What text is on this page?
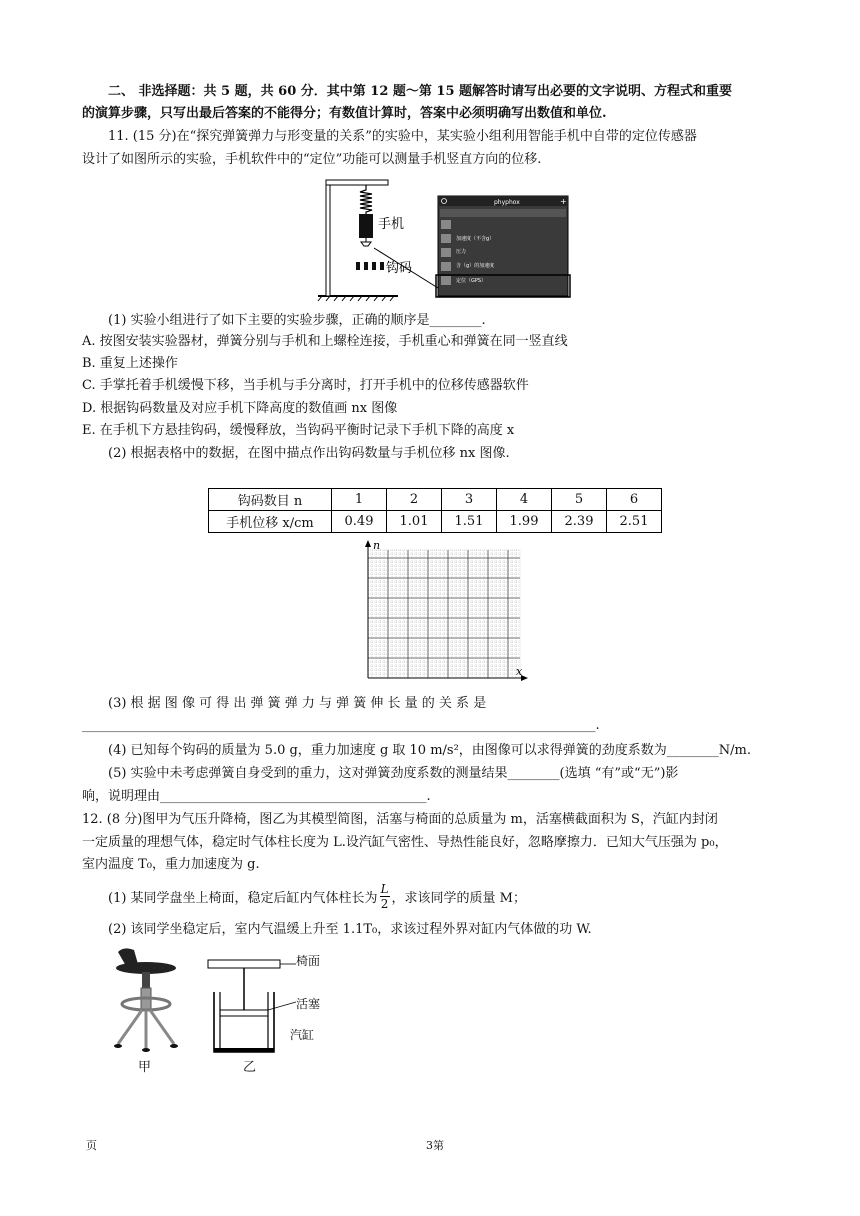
二、 非选择题：共 5 题，共 60 分．其中第 12 题～第 15 题解答时请写出必要的文字说明、方程式和重要
的演算步骤，只写出最后答案的不能得分；有数值计算时，答案中必须明确写出数值和单位.
11. (15 分)在“探究弹簧弹力与形变量的关系”的实验中，某实验小组利用智能手机中自带的定位传感器
设计了如图所示的实验，手机软件中的“定位”功能可以测量手机竖直方向的位移.
手机
钩码
phyphox	+
加速度（不含g）
压力
含（g）的加速度
定位（GPS）
(1) 实验小组进行了如下主要的实验步骤，正确的顺序是________.
A. 按图安装实验器材，弹簧分别与手机和上螺栓连接，手机重心和弹簧在同一竖直线
B. 重复上述操作
C. 手掌托着手机缓慢下移，当手机与手分离时，打开手机中的位移传感器软件
D. 根据钩码数量及对应手机下降高度的数值画 nx 图像
E. 在手机下方悬挂钩码，缓慢释放，当钩码平衡时记录下手机下降的高度 x
(2) 根据表格中的数据，在图中描点作出钩码数量与手机位移 nx 图像.
钩码数目 n	1	2	3	4	5	6
手机位移 x/cm	0.49	1.01	1.51	1.99	2.39	2.51
n
x
(3) 根 据 图 像 可 得 出 弹 簧 弹 力 与 弹 簧 伸 长 量 的 关 系 是
_______________________________________________________________________________.
(4) 已知每个钩码的质量为 5.0 g，重力加速度 g 取 10 m/s²，由图像可以求得弹簧的劲度系数为________N/m.
(5) 实验中未考虑弹簧自身受到的重力，这对弹簧劲度系数的测量结果________(选填 “有”或“无”)影
响，说明理由_________________________________________.
12. (8 分)图甲为气压升降椅，图乙为其模型简图，活塞与椅面的总质量为 m，活塞横截面积为 S，汽缸内封闭
一定质量的理想气体，稳定时气体柱长度为 L.设汽缸气密性、导热性能良好，忽略摩擦力．已知大气压强为 p₀，
室内温度 T₀，重力加速度为 g.
(1) 某同学盘坐上椅面，稳定后缸内气体柱长为 $\frac{L}{2}$ ，求该同学的质量 M；
(2) 该同学坐稳定后，室内气温缓上升至 1.1T₀，求该过程外界对缸内气体做的功 W.
甲
椅面
活塞
汽缸
乙
页	3第
